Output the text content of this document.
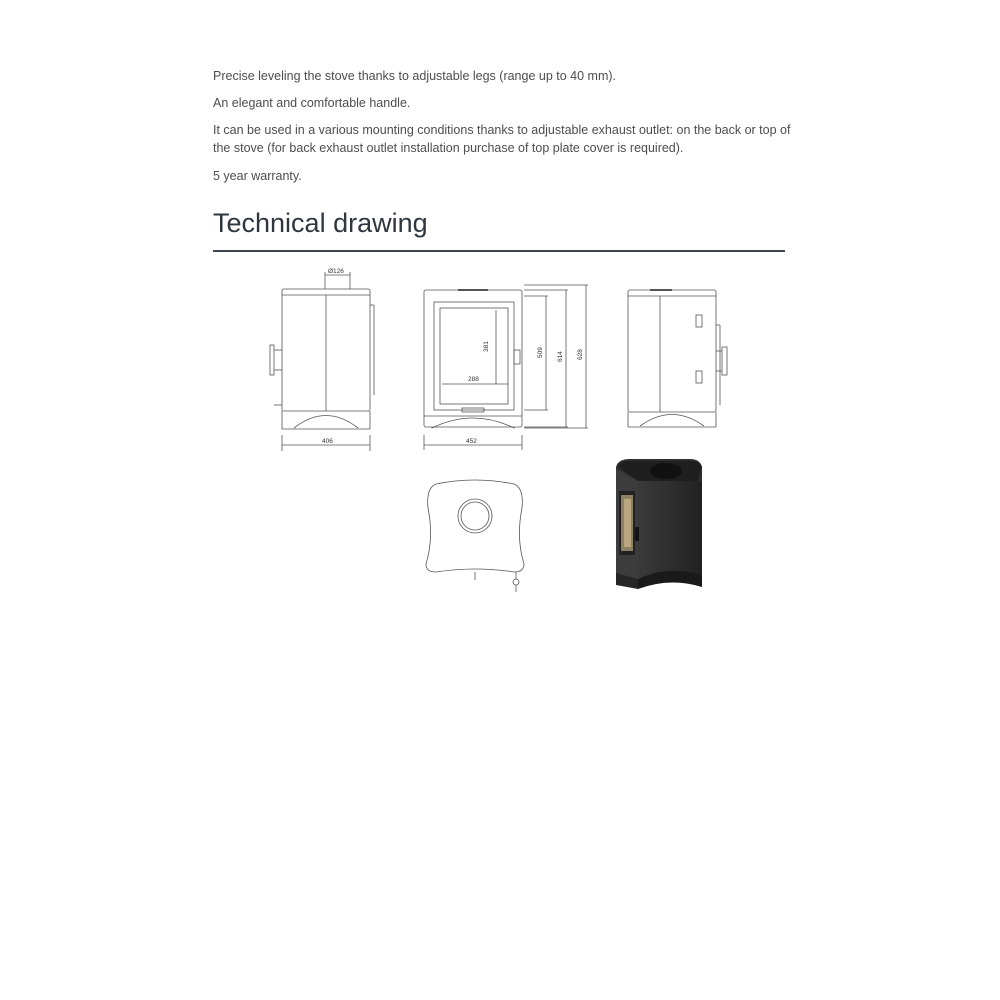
Precise leveling the stove thanks to adjustable legs (range up to 40 mm).

An elegant and comfortable handle.

It can be used in a various mounting conditions thanks to adjustable exhaust outlet: on the back or top of the stove (for back exhaust outlet installation purchase of top plate cover is required).

5 year warranty.

Technical drawing
Ø126
406
288
381
509 614 628
452
